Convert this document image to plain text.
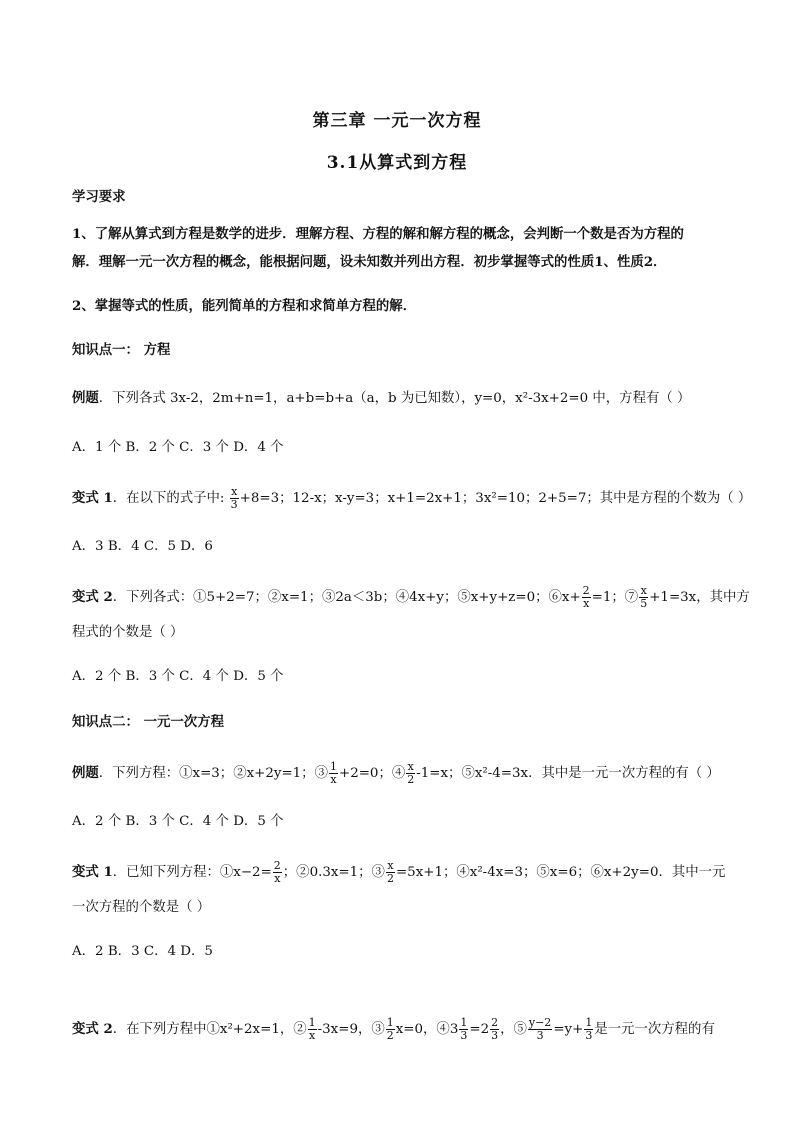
第三章 一元一次方程
3.1从算式到方程
学习要求
1、了解从算式到方程是数学的进步．理解方程、方程的解和解方程的概念，会判断一个数是否为方程的
解．理解一元一次方程的概念，能根据问题，设未知数并列出方程．初步掌握等式的性质1、性质2．
2、掌握等式的性质，能列简单的方程和求简单方程的解．
知识点一： 方程
例题．下列各式 3x-2，2m+n=1，a+b=b+a（a，b 为已知数），y=0，x²-3x+2=0 中，方程有（ ）
A．1 个 B．2 个 C．3 个 D．4 个
变式 1．在以下的式子中: $\frac{x}{3} +8=3$；12-x；x-y=3；x+1=2x+1；3x²=10；2+5=7；其中是方程的个数为（ ）
A．3 B．4 C．5 D．6
变式 2．下列各式：①5+2=7；②x=1；③2a＜3b；④4x+y；⑤x+y+z=0；⑥x+ $\frac{2}{x} =1$；⑦ $\frac{x}{5} +1=3x$，其中方
程式的个数是（ ）
A．2 个 B．3 个 C．4 个 D．5 个
知识点二： 一元一次方程
例题．下列方程：①x=3；②x+2y=1；③ $\frac{1}{x} +2=0$；④ $\frac{x}{2} -1=x$；⑤x²-4=3x．其中是一元一次方程的有（ ）
A．2 个 B．3 个 C．4 个 D．5 个
变式 1．已知下列方程：①x−2= $\frac{2}{x}$ ；②0.3x=1；③ $\frac{x}{2} =5x+1$；④x²-4x=3；⑤x=6；⑥x+2y=0．其中一元
一次方程的个数是（ ）
A．2 B．3 C．4 D．5
变式 2．在下列方程中①x²+2x=1，② $\frac{1}{x} -3x=9$，③ $\frac{1}{2} x=0$，④3 $\frac{1}{3} =2 \frac{2}{3}$ ，⑤ $\frac{y-2}{3} =y+ \frac{1}{3}$ 是一元一次方程的有
